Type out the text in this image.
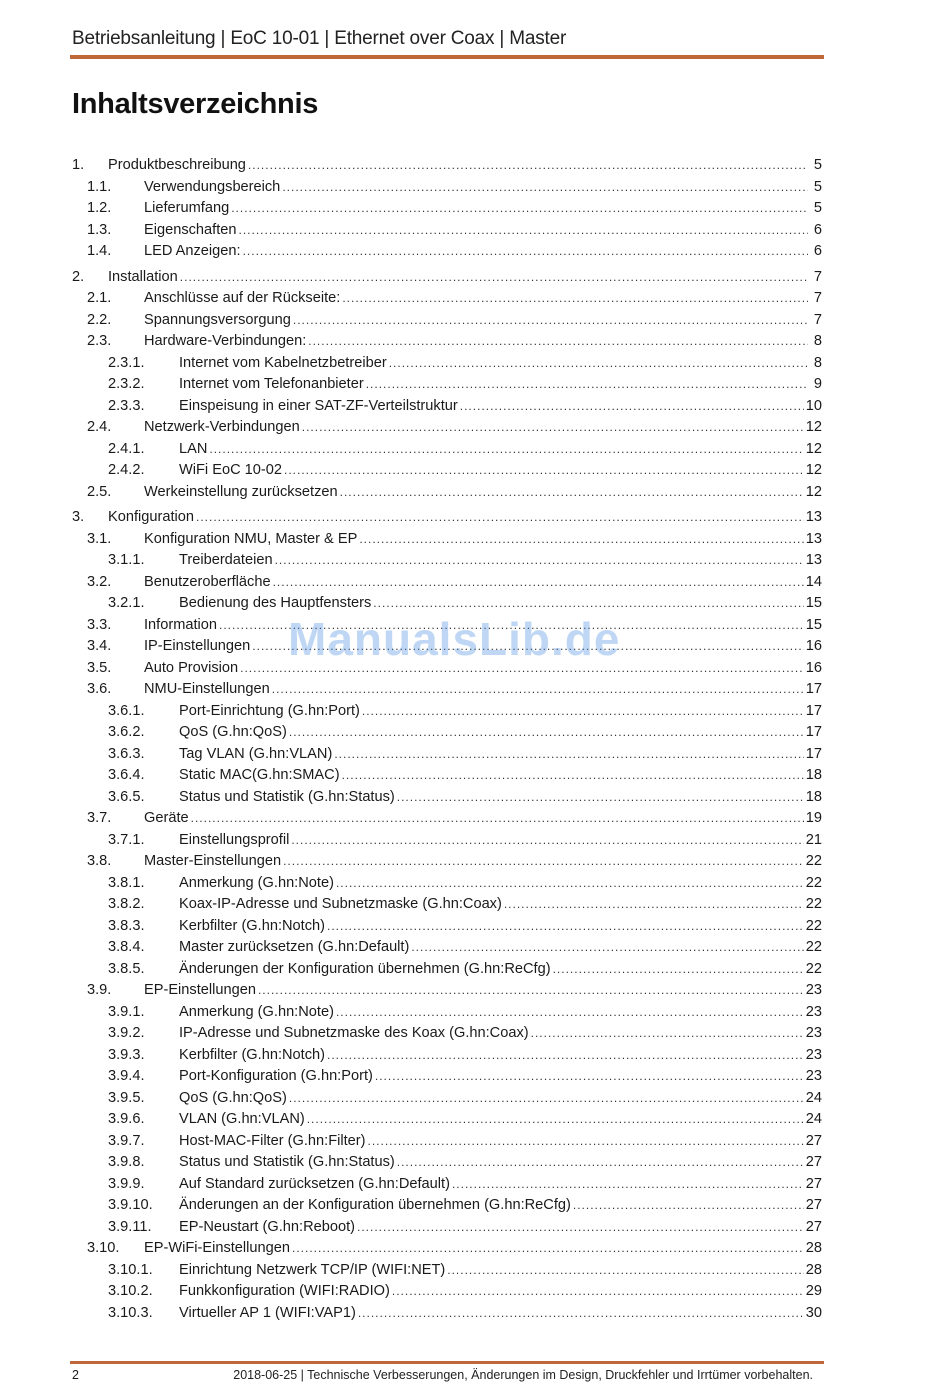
Betriebsanleitung | EoC 10-01 | Ethernet over Coax | Master
Inhaltsverzeichnis
1.	Produktbeschreibung .....	5
1.1.	Verwendungsbereich .....	5
1.2.	Lieferumfang .....	5
1.3.	Eigenschaften .....	6
1.4.	LED Anzeigen: .....	6
2.	Installation .....	7
2.1.	Anschlüsse auf der Rückseite: .....	7
2.2.	Spannungsversorgung .....	7
2.3.	Hardware-Verbindungen: .....	8
2.3.1.	Internet vom Kabelnetzbetreiber .....	8
2.3.2.	Internet vom Telefonanbieter .....	9
2.3.3.	Einspeisung in einer SAT-ZF-Verteilstruktur .....	10
2.4.	Netzwerk-Verbindungen .....	12
2.4.1.	LAN .....	12
2.4.2.	WiFi EoC 10-02 .....	12
2.5.	Werkeinstellung zurücksetzen .....	12
3.	Konfiguration .....	13
3.1.	Konfiguration NMU, Master & EP .....	13
3.1.1.	Treiberdateien .....	13
3.2.	Benutzeroberfläche .....	14
3.2.1.	Bedienung des Hauptfensters .....	15
3.3.	Information .....	15
3.4.	IP-Einstellungen .....	16
3.5.	Auto Provision .....	16
3.6.	NMU-Einstellungen .....	17
3.6.1.	Port-Einrichtung (G.hn:Port) .....	17
3.6.2.	QoS (G.hn:QoS) .....	17
3.6.3.	Tag VLAN (G.hn:VLAN) .....	17
3.6.4.	Static MAC(G.hn:SMAC) .....	18
3.6.5.	Status und Statistik (G.hn:Status) .....	18
3.7.	Geräte .....	19
3.7.1.	Einstellungsprofil .....	21
3.8.	Master-Einstellungen .....	22
3.8.1.	Anmerkung (G.hn:Note) .....	22
3.8.2.	Koax-IP-Adresse und Subnetzmaske (G.hn:Coax) .....	22
3.8.3.	Kerbfilter (G.hn:Notch) .....	22
3.8.4.	Master zurücksetzen (G.hn:Default) .....	22
3.8.5.	Änderungen der Konfiguration übernehmen (G.hn:ReCfg) .....	22
3.9.	EP-Einstellungen .....	23
3.9.1.	Anmerkung (G.hn:Note) .....	23
3.9.2.	IP-Adresse und Subnetzmaske des Koax (G.hn:Coax) .....	23
3.9.3.	Kerbfilter (G.hn:Notch) .....	23
3.9.4.	Port-Konfiguration (G.hn:Port) .....	23
3.9.5.	QoS (G.hn:QoS) .....	24
3.9.6.	VLAN (G.hn:VLAN) .....	24
3.9.7.	Host-MAC-Filter (G.hn:Filter) .....	27
3.9.8.	Status und Statistik (G.hn:Status) .....	27
3.9.9.	Auf Standard zurücksetzen (G.hn:Default) .....	27
3.9.10.	Änderungen an der Konfiguration übernehmen (G.hn:ReCfg) .....	27
3.9.11.	EP-Neustart (G.hn:Reboot) .....	27
3.10.	EP-WiFi-Einstellungen .....	28
3.10.1.	Einrichtung Netzwerk TCP/IP (WIFI:NET) .....	28
3.10.2.	Funkkonfiguration (WIFI:RADIO) .....	29
3.10.3.	Virtueller AP 1 (WIFI:VAP1) .....	30
ManualsLib.de
2	2018-06-25 | Technische Verbesserungen, Änderungen im Design, Druckfehler und Irrtümer vorbehalten.
